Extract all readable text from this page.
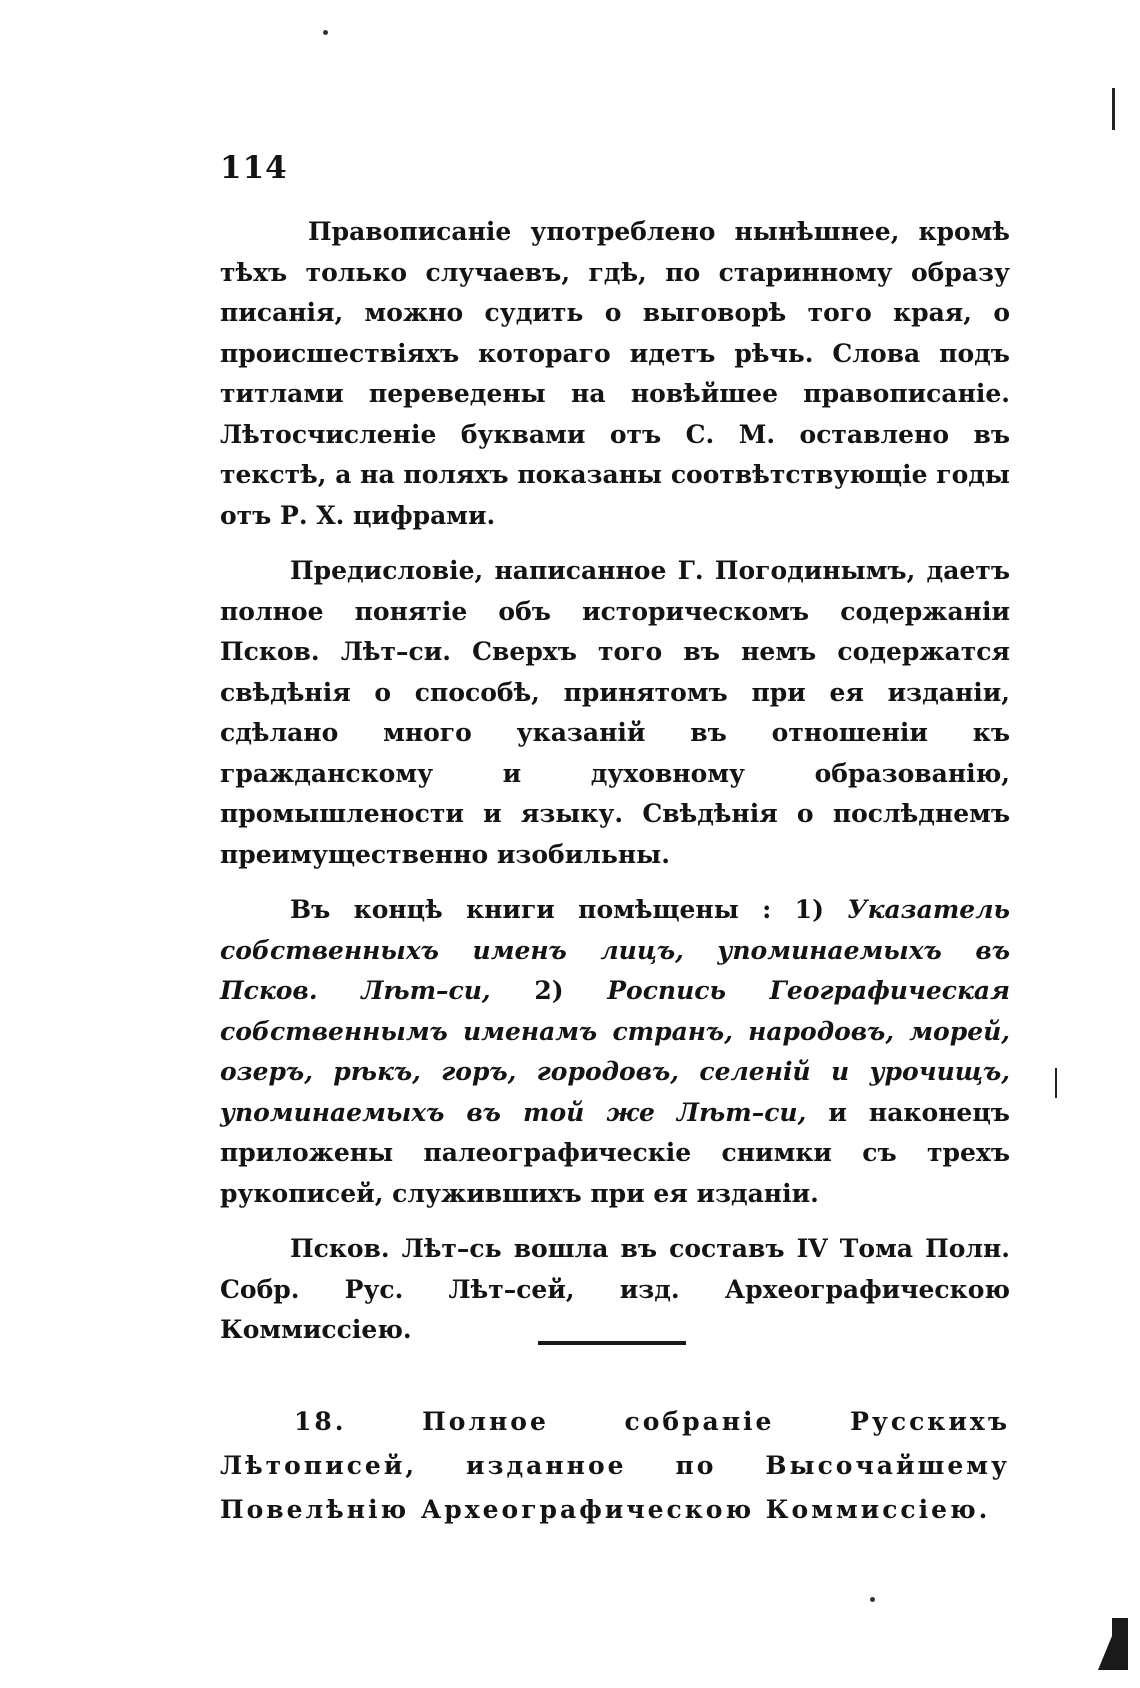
114

Правописаніе употреблено нынѣшнее, кромѣ тѣхъ только случаевъ, гдѣ, по старинному образу писанія, можно судить о выговорѣ того края, о происшествіяхъ котораго идетъ рѣчь. Слова подъ титлами переведены на новѣйшее правописаніе. Лѣтосчисленіе буквами отъ С. М. оставлено въ текстѣ, а на поляхъ показаны соотвѣтствующіе годы отъ Р. Х. цифрами.

Предисловіе, написанное Г. Погодинымъ, даетъ полное понятіе объ историческомъ содержаніи Псков. Лѣт–си. Сверхъ того въ немъ содержатся свѣдѣнія о способѣ, принятомъ при ея изданіи, сдѣлано много указаній въ отношеніи къ гражданскому и духовному образованію, промышлености и языку. Свѣдѣнія о послѣднемъ преимущественно изобильны.

Въ концѣ книги помѣщены : 1) Указатель собственныхъ именъ лицъ, упоминаемыхъ въ Псков. Лѣт–си, 2) Роспись Географическая собственнымъ именамъ странъ, народовъ, морей, озеръ, рѣкъ, горъ, городовъ, селеній и урочищъ, упоминаемыхъ въ той же Лѣт–си, и наконецъ приложены палеографическіе снимки съ трехъ рукописей, служившихъ при ея изданіи.

Псков. Лѣт–сь вошла въ составъ IV Тома Полн. Собр. Рус. Лѣт–сей, изд. Археографическою Коммиссіею.

18. Полное собраніе Русскихъ Лѣтописей, изданное по Высочайшему Повелѣнію Археографическою Коммиссіею.
